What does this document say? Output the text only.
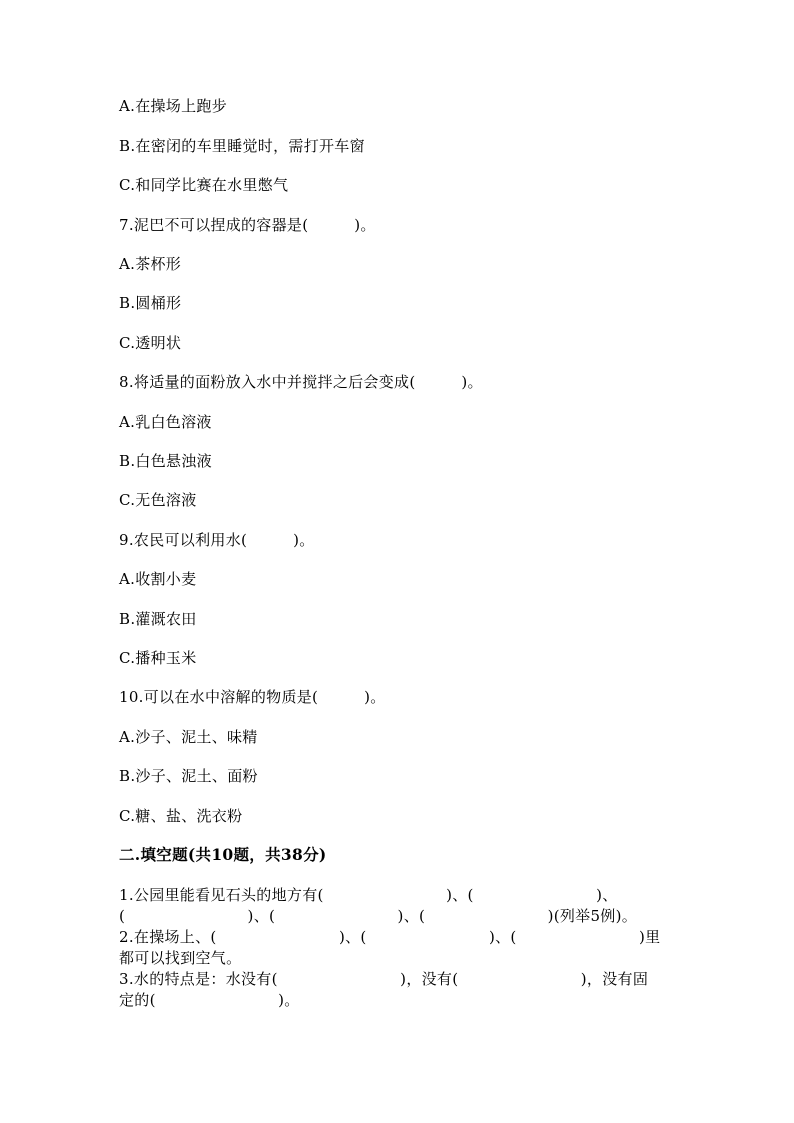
A.在操场上跑步
B.在密闭的车里睡觉时，需打开车窗
C.和同学比赛在水里憋气
7.泥巴不可以捏成的容器是(　　　)。
A.茶杯形
B.圆桶形
C.透明状
8.将适量的面粉放入水中并搅拌之后会变成(　　　)。
A.乳白色溶液
B.白色悬浊液
C.无色溶液
9.农民可以利用水(　　　)。
A.收割小麦
B.灌溉农田
C.播种玉米
10.可以在水中溶解的物质是(　　　)。
A.沙子、泥土、味精
B.沙子、泥土、面粉
C.糖、盐、洗衣粉
二.填空题(共10题，共38分)
1.公园里能看见石头的地方有(　　　　　　　　)、(　　　　　　　　)、
(　　　　　　　　)、(　　　　　　　　)、(　　　　　　　　)(列举5例)。
2.在操场上、(　　　　　　　　)、(　　　　　　　　)、(　　　　　　　　)里
都可以找到空气。
3.水的特点是：水没有(　　　　　　　　)，没有(　　　　　　　　)，没有固
定的(　　　　　　　　)。
